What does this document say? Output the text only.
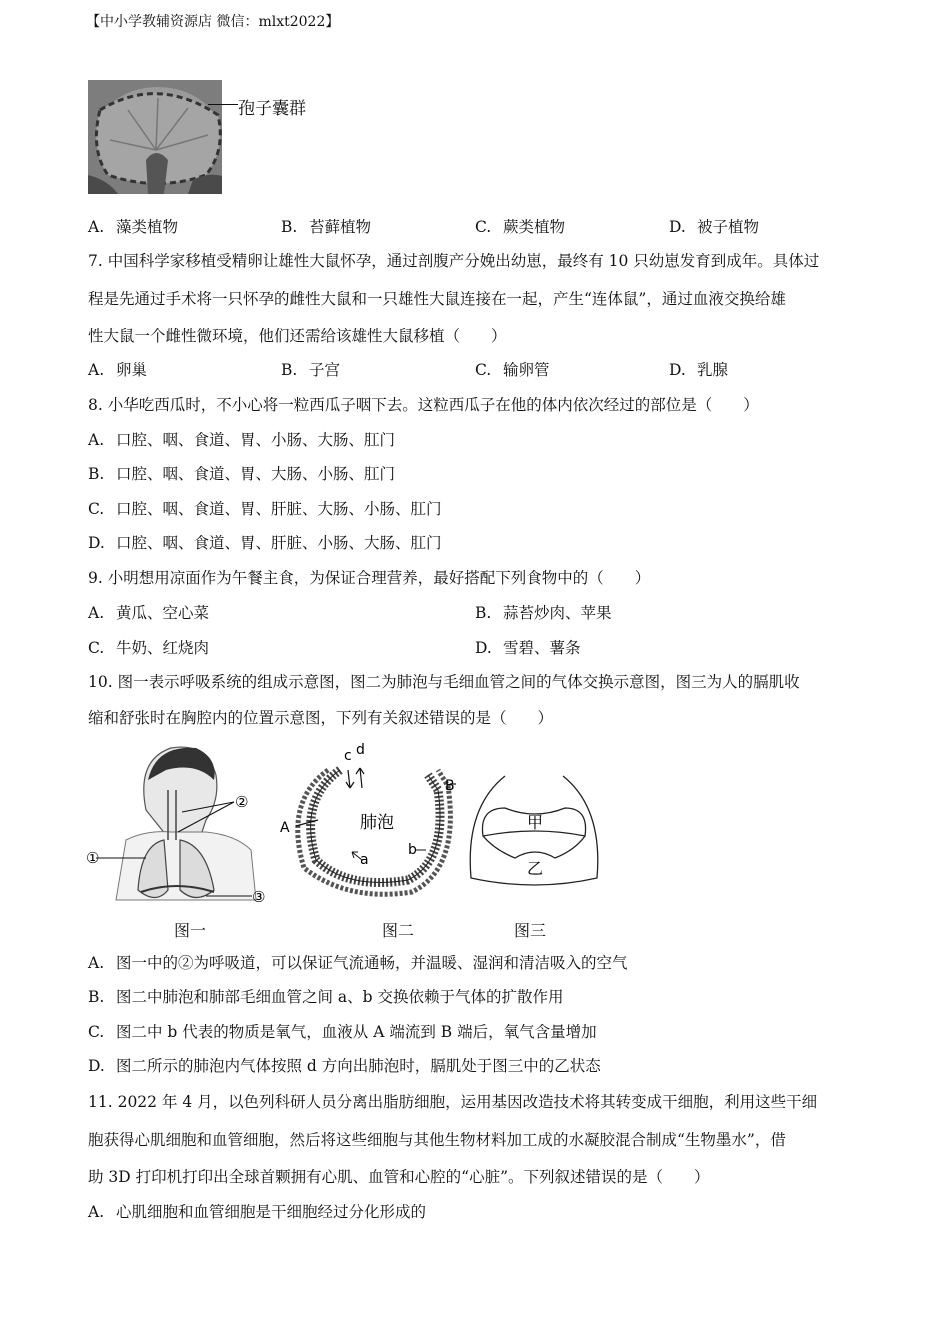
【中小学教辅资源店 微信：mlxt2022】
孢子囊群
A. 藻类植物	B. 苔藓植物	C. 蕨类植物	D. 被子植物
7. 中国科学家移植受精卵让雄性大鼠怀孕，通过剖腹产分娩出幼崽，最终有 10 只幼崽发育到成年。具体过
程是先通过手术将一只怀孕的雌性大鼠和一只雄性大鼠连接在一起，产生“连体鼠”，通过血液交换给雄
性大鼠一个雌性微环境，他们还需给该雄性大鼠移植（　　）
A. 卵巢	B. 子宫	C. 输卵管	D. 乳腺
8. 小华吃西瓜时，不小心将一粒西瓜子咽下去。这粒西瓜子在他的体内依次经过的部位是（　　）
A. 口腔、咽、食道、胃、小肠、大肠、肛门
B. 口腔、咽、食道、胃、大肠、小肠、肛门
C. 口腔、咽、食道、胃、肝脏、大肠、小肠、肛门
D. 口腔、咽、食道、胃、肝脏、小肠、大肠、肛门
9. 小明想用凉面作为午餐主食，为保证合理营养，最好搭配下列食物中的（　　）
A. 黄瓜、空心菜	B. 蒜苔炒肉、苹果
C. 牛奶、红烧肉	D. 雪碧、薯条
10. 图一表示呼吸系统的组成示意图，图二为肺泡与毛细血管之间的气体交换示意图，图三为人的膈肌收
缩和舒张时在胸腔内的位置示意图，下列有关叙述错误的是（　　）
②
①
③
图一
c d
A
B
a
b
肺泡
图二
甲
乙
图三
A. 图一中的②为呼吸道，可以保证气流通畅，并温暖、湿润和清洁吸入的空气
B. 图二中肺泡和肺部毛细血管之间 a、b 交换依赖于气体的扩散作用
C. 图二中 b 代表的物质是氧气，血液从 A 端流到 B 端后，氧气含量增加
D. 图二所示的肺泡内气体按照 d 方向出肺泡时，膈肌处于图三中的乙状态
11. 2022 年 4 月，以色列科研人员分离出脂肪细胞，运用基因改造技术将其转变成干细胞，利用这些干细
胞获得心肌细胞和血管细胞，然后将这些细胞与其他生物材料加工成的水凝胶混合制成“生物墨水”，借
助 3D 打印机打印出全球首颗拥有心肌、血管和心腔的“心脏”。下列叙述错误的是（　　）
A. 心肌细胞和血管细胞是干细胞经过分化形成的
